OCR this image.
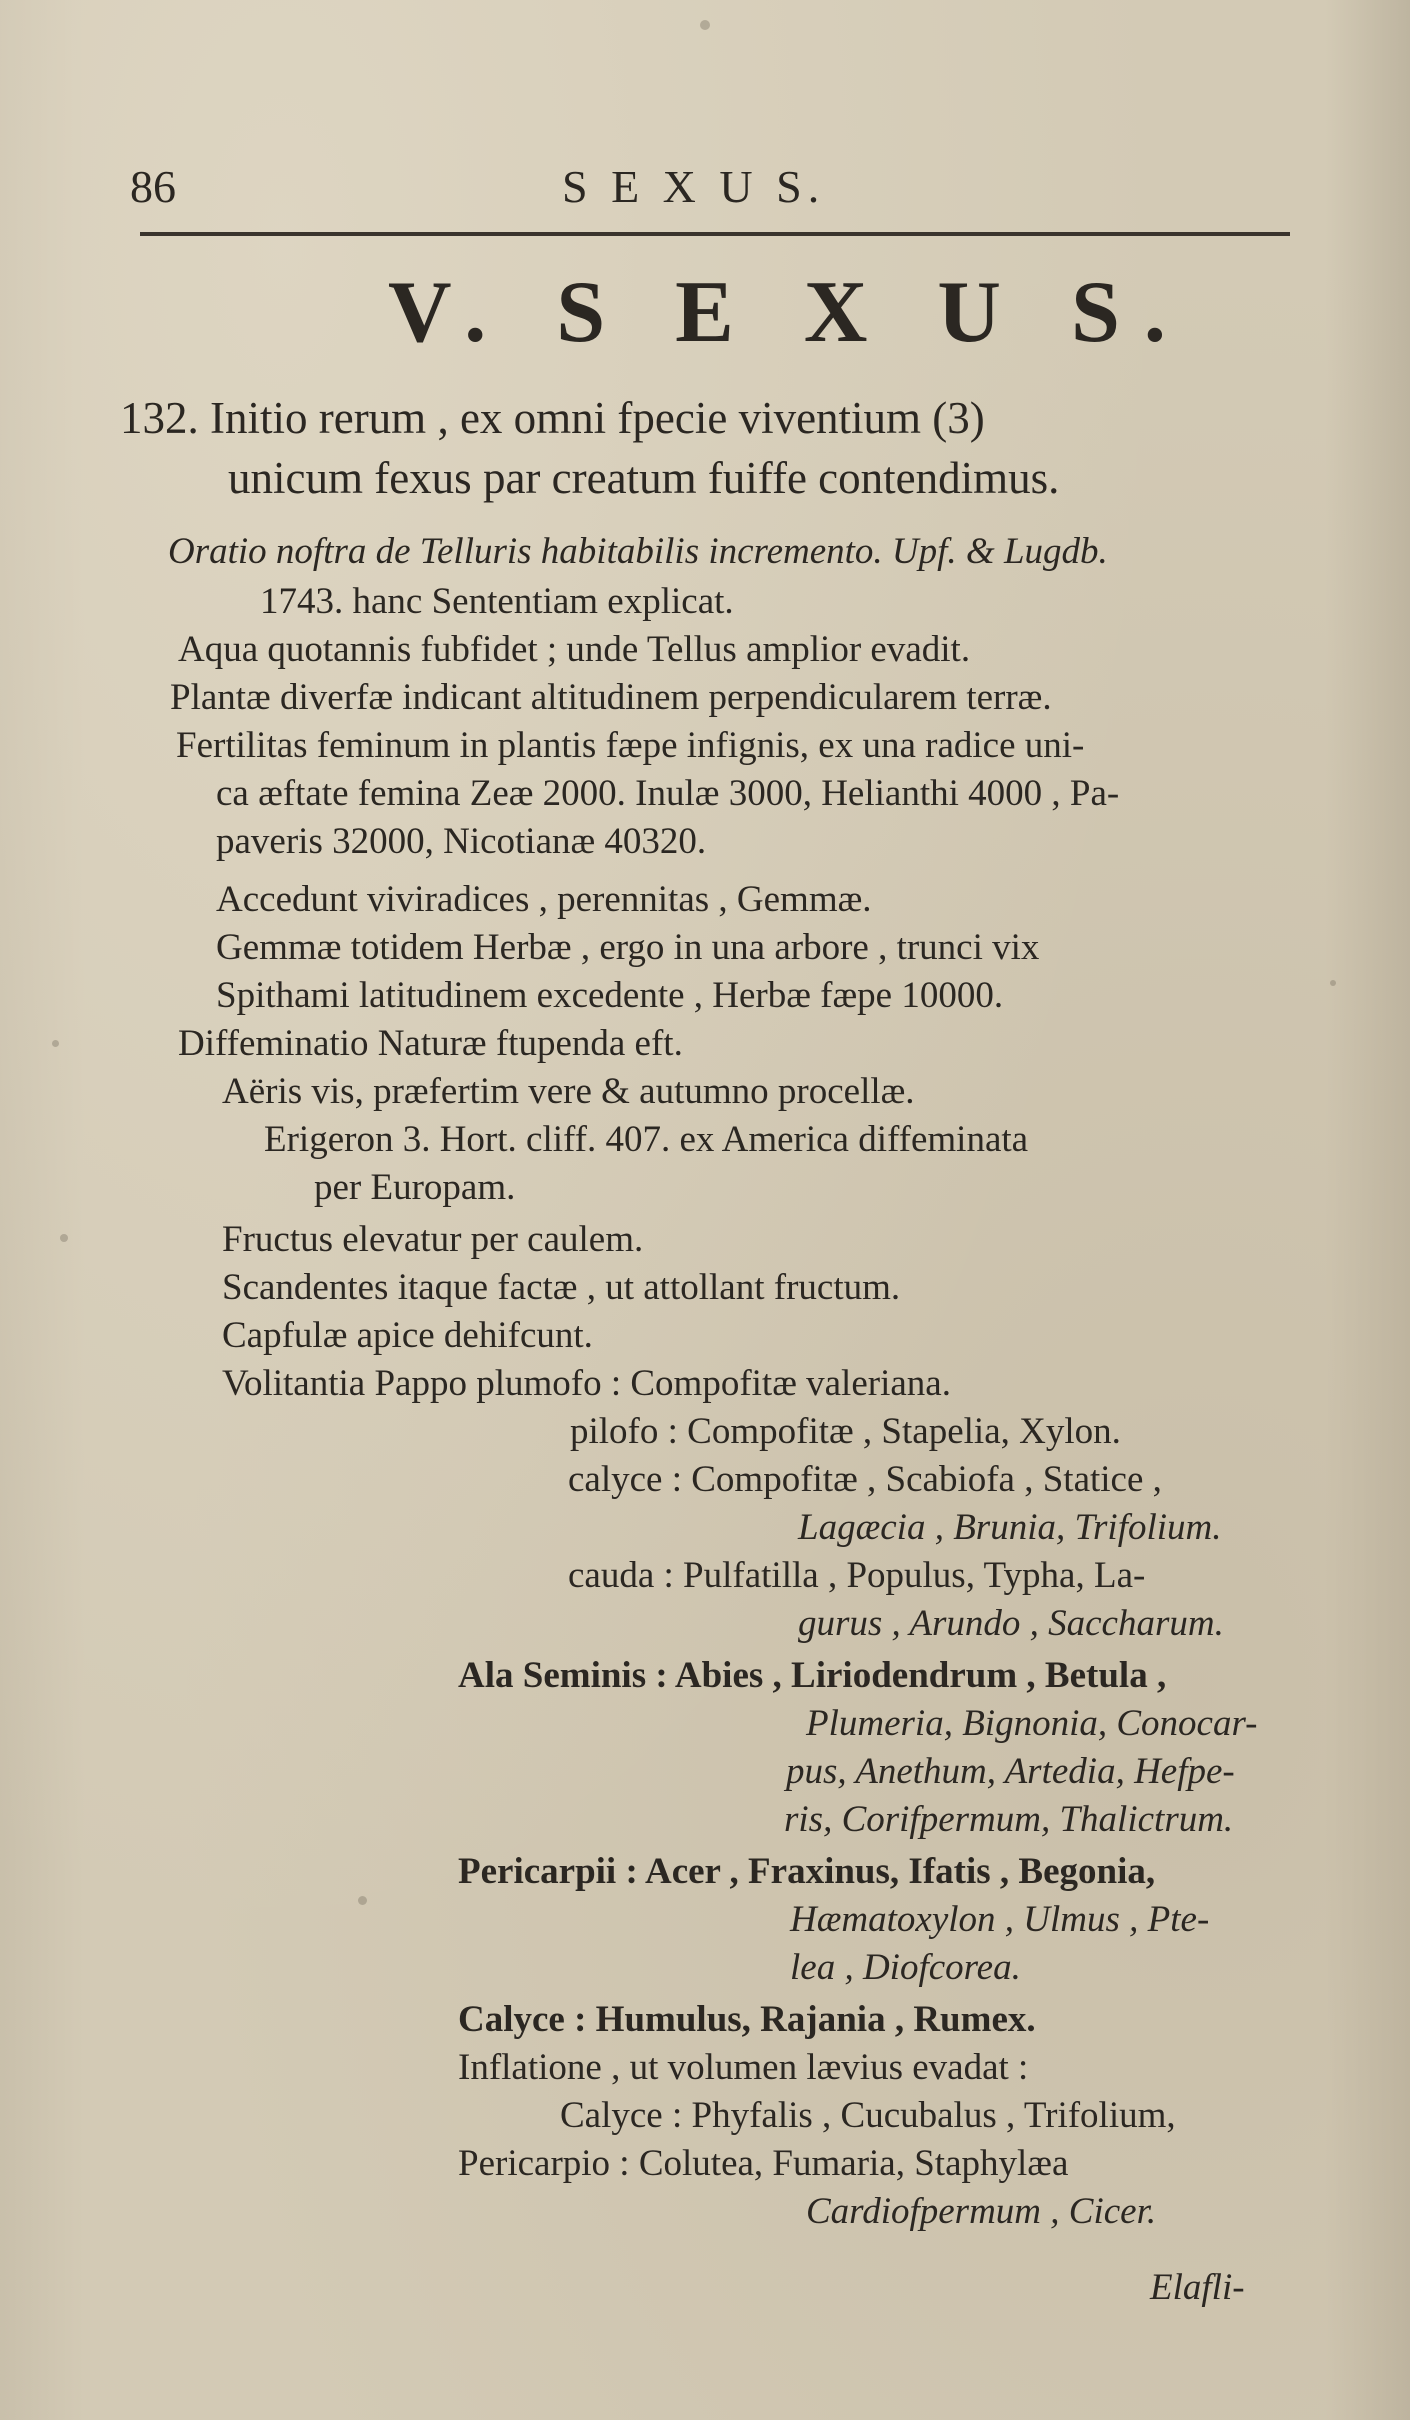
86	S E X U S.
V. S E X U S.
132. Initio rerum , ex omni fpecie viventium (3)
unicum fexus par creatum fuiffe contendimus.
Oratio noftra de Telluris habitabilis incremento. Upf. & Lugdb.
1743. hanc Sententiam explicat.
Aqua quotannis fubfidet ; unde Tellus amplior evadit.
Plantæ diverfæ indicant altitudinem perpendicularem terræ.
Fertilitas feminum in plantis fæpe infignis, ex una radice uni-
ca æftate femina Zeæ 2000. Inulæ 3000, Helianthi 4000 , Pa-
paveris 32000, Nicotianæ 40320.
Accedunt viviradices , perennitas , Gemmæ.
Gemmæ totidem Herbæ , ergo in una arbore , trunci vix
Spithami latitudinem excedente , Herbæ fæpe 10000.
Diffeminatio Naturæ ftupenda eft.
Aëris vis, præfertim vere & autumno procellæ.
Erigeron 3. Hort. cliff. 407. ex America diffeminata
per Europam.
Fructus elevatur per caulem.
Scandentes itaque factæ , ut attollant fructum.
Capfulæ apice dehifcunt.
Volitantia Pappo plumofo : Compofitæ valeriana.
pilofo : Compofitæ , Stapelia, Xylon.
calyce : Compofitæ , Scabiofa , Statice ,
Lagæcia , Brunia, Trifolium.
cauda : Pulfatilla , Populus, Typha, La-
gurus , Arundo , Saccharum.
Ala Seminis : Abies , Liriodendrum , Betula ,
Plumeria, Bignonia, Conocar-
pus, Anethum, Artedia, Hefpe-
ris, Corifpermum, Thalictrum.
Pericarpii : Acer , Fraxinus, Ifatis , Begonia,
Hæmatoxylon , Ulmus , Pte-
lea , Diofcorea.
Calyce : Humulus, Rajania , Rumex.
Inflatione , ut volumen lævius evadat :
Calyce : Phyfalis , Cucubalus , Trifolium,
Pericarpio : Colutea, Fumaria, Staphylæa
Cardiofpermum , Cicer.
Elafli-
